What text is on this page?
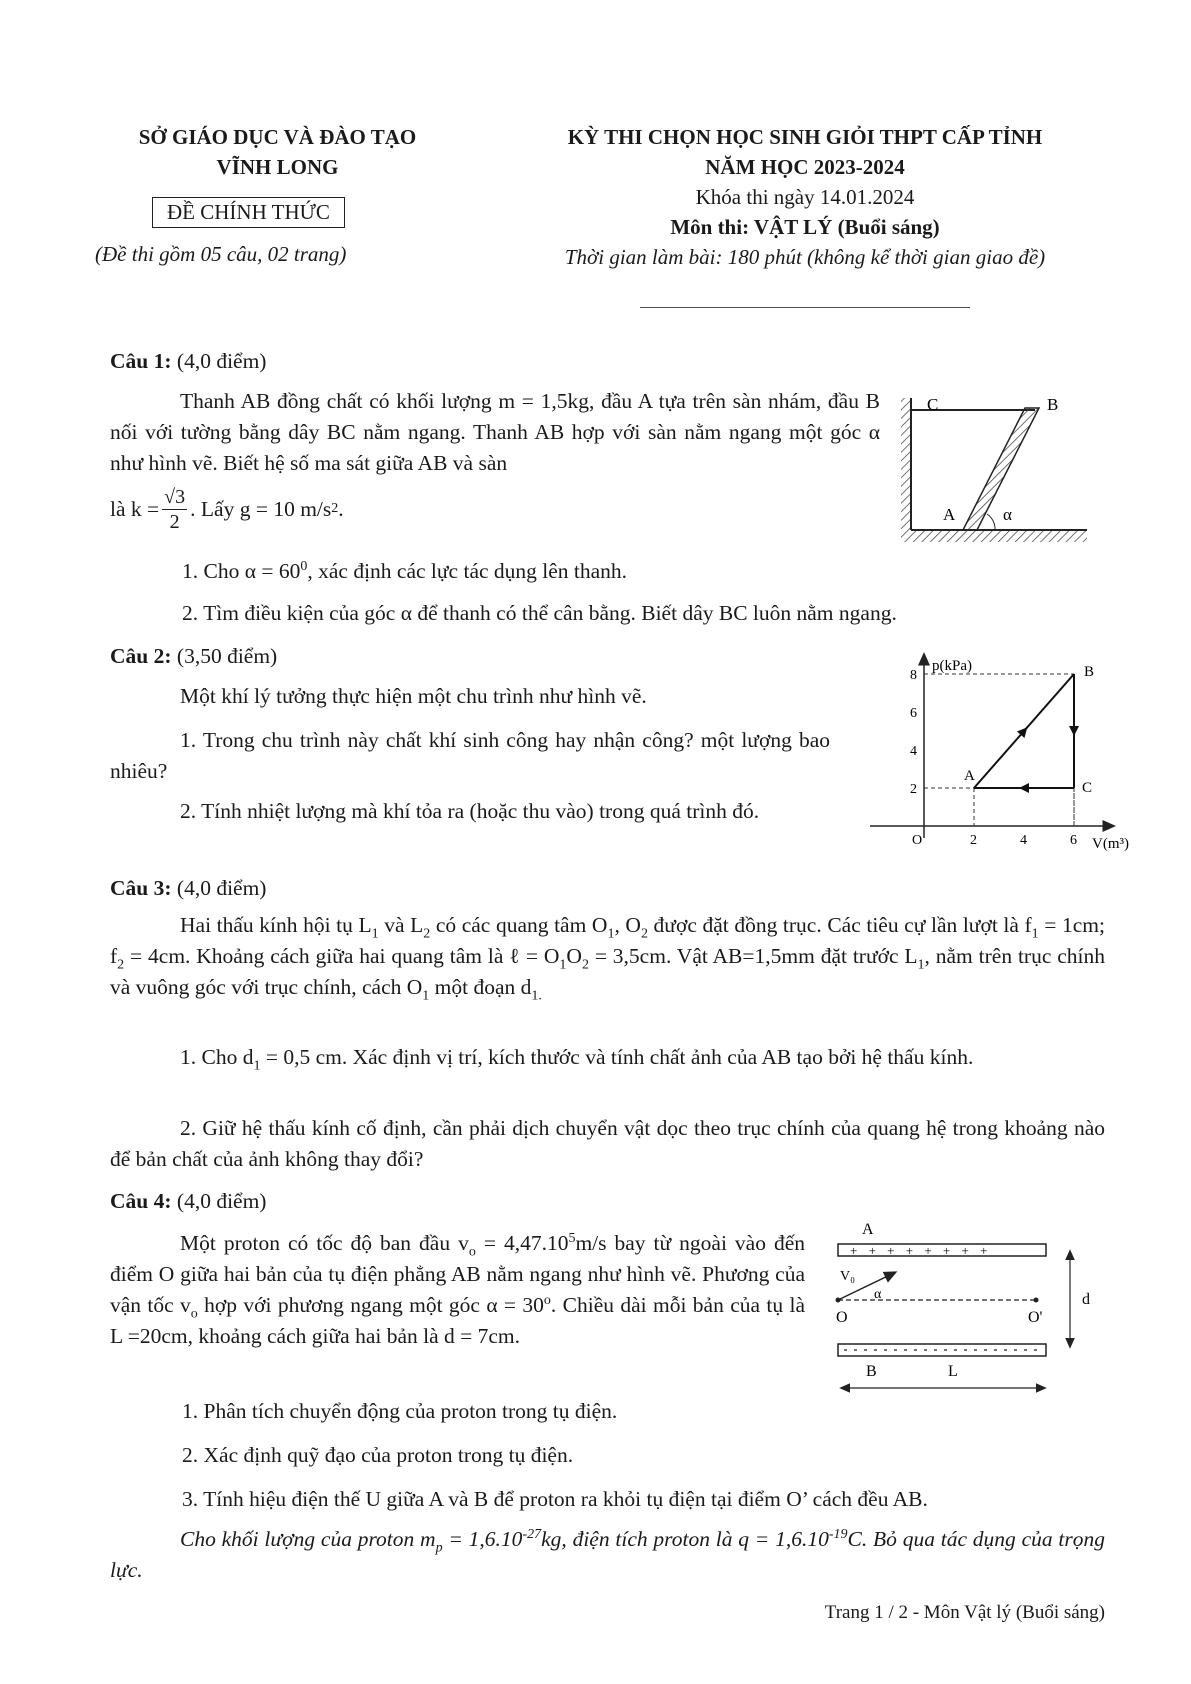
SỞ GIÁO DỤC VÀ ĐÀO TẠO
VĨNH LONG
ĐỀ CHÍNH THỨC
(Đề thi gồm 05 câu, 02 trang)
KỲ THI CHỌN HỌC SINH GIỎI THPT CẤP TỈNH
NĂM HỌC 2023-2024
Khóa thi ngày 14.01.2024
Môn thi: VẬT LÝ (Buổi sáng)
Thời gian làm bài: 180 phút (không kể thời gian giao đề)
Câu 1: (4,0 điểm)
Thanh AB đồng chất có khối lượng m = 1,5kg, đầu A tựa trên sàn nhám, đầu B nối với tường bằng dây BC nằm ngang. Thanh AB hợp với sàn nằm ngang một góc α như hình vẽ. Biết hệ số ma sát giữa AB và sàn
là $k = \frac{√3}{2}$ . Lấy g = 10 m/s 2 .
1. Cho $\alpha = 60^0$, xác định các lực tác dụng lên thanh.
2. Tìm điều kiện của góc α để thanh có thể cân bằng. Biết dây BC luôn nằm ngang.
C	B
A	α
Câu 2: (3,50 điểm)
Một khí lý tưởng thực hiện một chu trình như hình vẽ.
1. Trong chu trình này chất khí sinh công hay nhận công? một lượng bao nhiêu?
2. Tính nhiệt lượng mà khí tỏa ra (hoặc thu vào) trong quá trình đó.
p(kPa)
V(m³)
O	2	4	6
8
6
4
2
A
B
C
Câu 3: (4,0 điểm)
Hai thấu kính hội tụ $L_1$ và $L_2$ có các quang tâm $O_1$, $O_2$ được đặt đồng trục. Các tiêu cự lần lượt là $f_1 = 1cm$; $f_2 = 4cm$. Khoảng cách giữa hai quang tâm là ℓ = $O_1O_2 = 3,5cm$. Vật AB=1,5mm đặt trước $L_1$, nằm trên trục chính và vuông góc với trục chính, cách $O_1$ một đoạn $d_{1.}$
1. Cho $d_1 = 0,5$ cm. Xác định vị trí, kích thước và tính chất ảnh của AB tạo bởi hệ thấu kính.
2. Giữ hệ thấu kính cố định, cần phải dịch chuyển vật dọc theo trục chính của quang hệ trong khoảng nào để bản chất của ảnh không thay đổi?
Câu 4: (4,0 điểm)
Một proton có tốc độ ban đầu $v_o = 4,47.10^5m/s$ bay từ ngoài vào đến điểm O giữa hai bản của tụ điện phẳng AB nằm ngang như hình vẽ. Phương của vận tốc $v_o$ hợp với phương ngang một góc $\alpha = 30^o$. Chiều dài mỗi bản của tụ là L =20cm, khoảng cách giữa hai bản là d = 7cm.
1. Phân tích chuyển động của proton trong tụ điện.
2. Xác định quỹ đạo của proton trong tụ điện.
3. Tính hiệu điện thế U giữa A và B để proton ra khỏi tụ điện tại điểm O’ cách đều AB.
Cho khối lượng của proton $m_p = 1,6.10^{-27}kg$, điện tích proton là $q = 1,6.10^{-19}C$. Bỏ qua tác dụng của trọng lực.
A
+ + + + + + + +
V₀
α
O	O'
d
B	L
Trang 1 / 2 - Môn Vật lý (Buổi sáng)
